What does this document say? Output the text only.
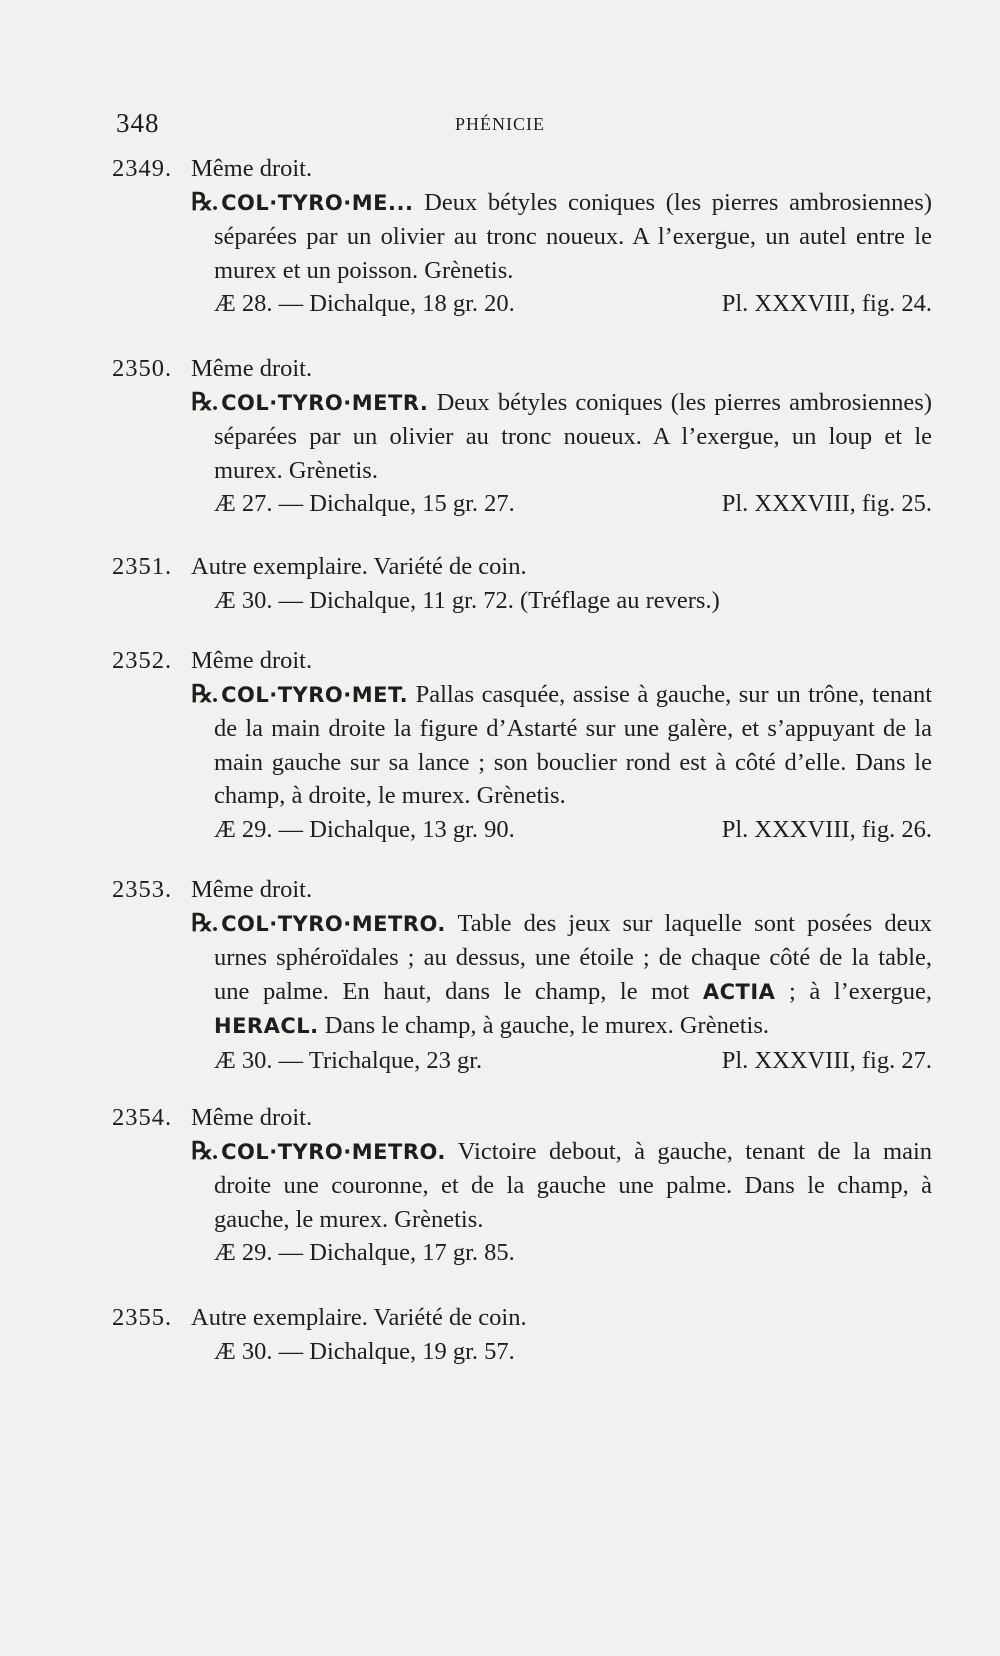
348	PHÉNICIE
2349. Même droit.

℞. COL·TYRO·ME... Deux bétyles coniques (les pierres ambrosiennes) séparées par un olivier au tronc noueux. A l’exergue, un autel entre le murex et un poisson. Grènetis.

Æ 28. — Dichalque, 18 gr. 20.	Pl. XXXVIII, fig. 24.
2350. Même droit.

℞. COL·TYRO·METR. Deux bétyles coniques (les pierres ambrosiennes) séparées par un olivier au tronc noueux. A l’exergue, un loup et le murex. Grènetis.

Æ 27. — Dichalque, 15 gr. 27.	Pl. XXXVIII, fig. 25.
2351. Autre exemplaire. Variété de coin.
Æ 30. — Dichalque, 11 gr. 72. (Tréflage au revers.)
2352. Même droit.

℞. COL·TYRO·MET. Pallas casquée, assise à gauche, sur un trône, tenant de la main droite la figure d’Astarté sur une galère, et s’appuyant de la main gauche sur sa lance ; son bouclier rond est à côté d’elle. Dans le champ, à droite, le murex. Grènetis.

Æ 29. — Dichalque, 13 gr. 90.	Pl. XXXVIII, fig. 26.
2353. Même droit.

℞. COL·TYRO·METRO. Table des jeux sur laquelle sont posées deux urnes sphéroïdales ; au dessus, une étoile ; de chaque côté de la table, une palme. En haut, dans le champ, le mot ACTIA ; à l’exergue, HERACL. Dans le champ, à gauche, le murex. Grènetis.

Æ 30. — Trichalque, 23 gr.	Pl. XXXVIII, fig. 27.
2354. Même droit.

℞. COL·TYRO·METRO. Victoire debout, à gauche, tenant de la main droite une couronne, et de la gauche une palme. Dans le champ, à gauche, le murex. Grènetis.

Æ 29. — Dichalque, 17 gr. 85.
2355. Autre exemplaire. Variété de coin.
Æ 30. — Dichalque, 19 gr. 57.
